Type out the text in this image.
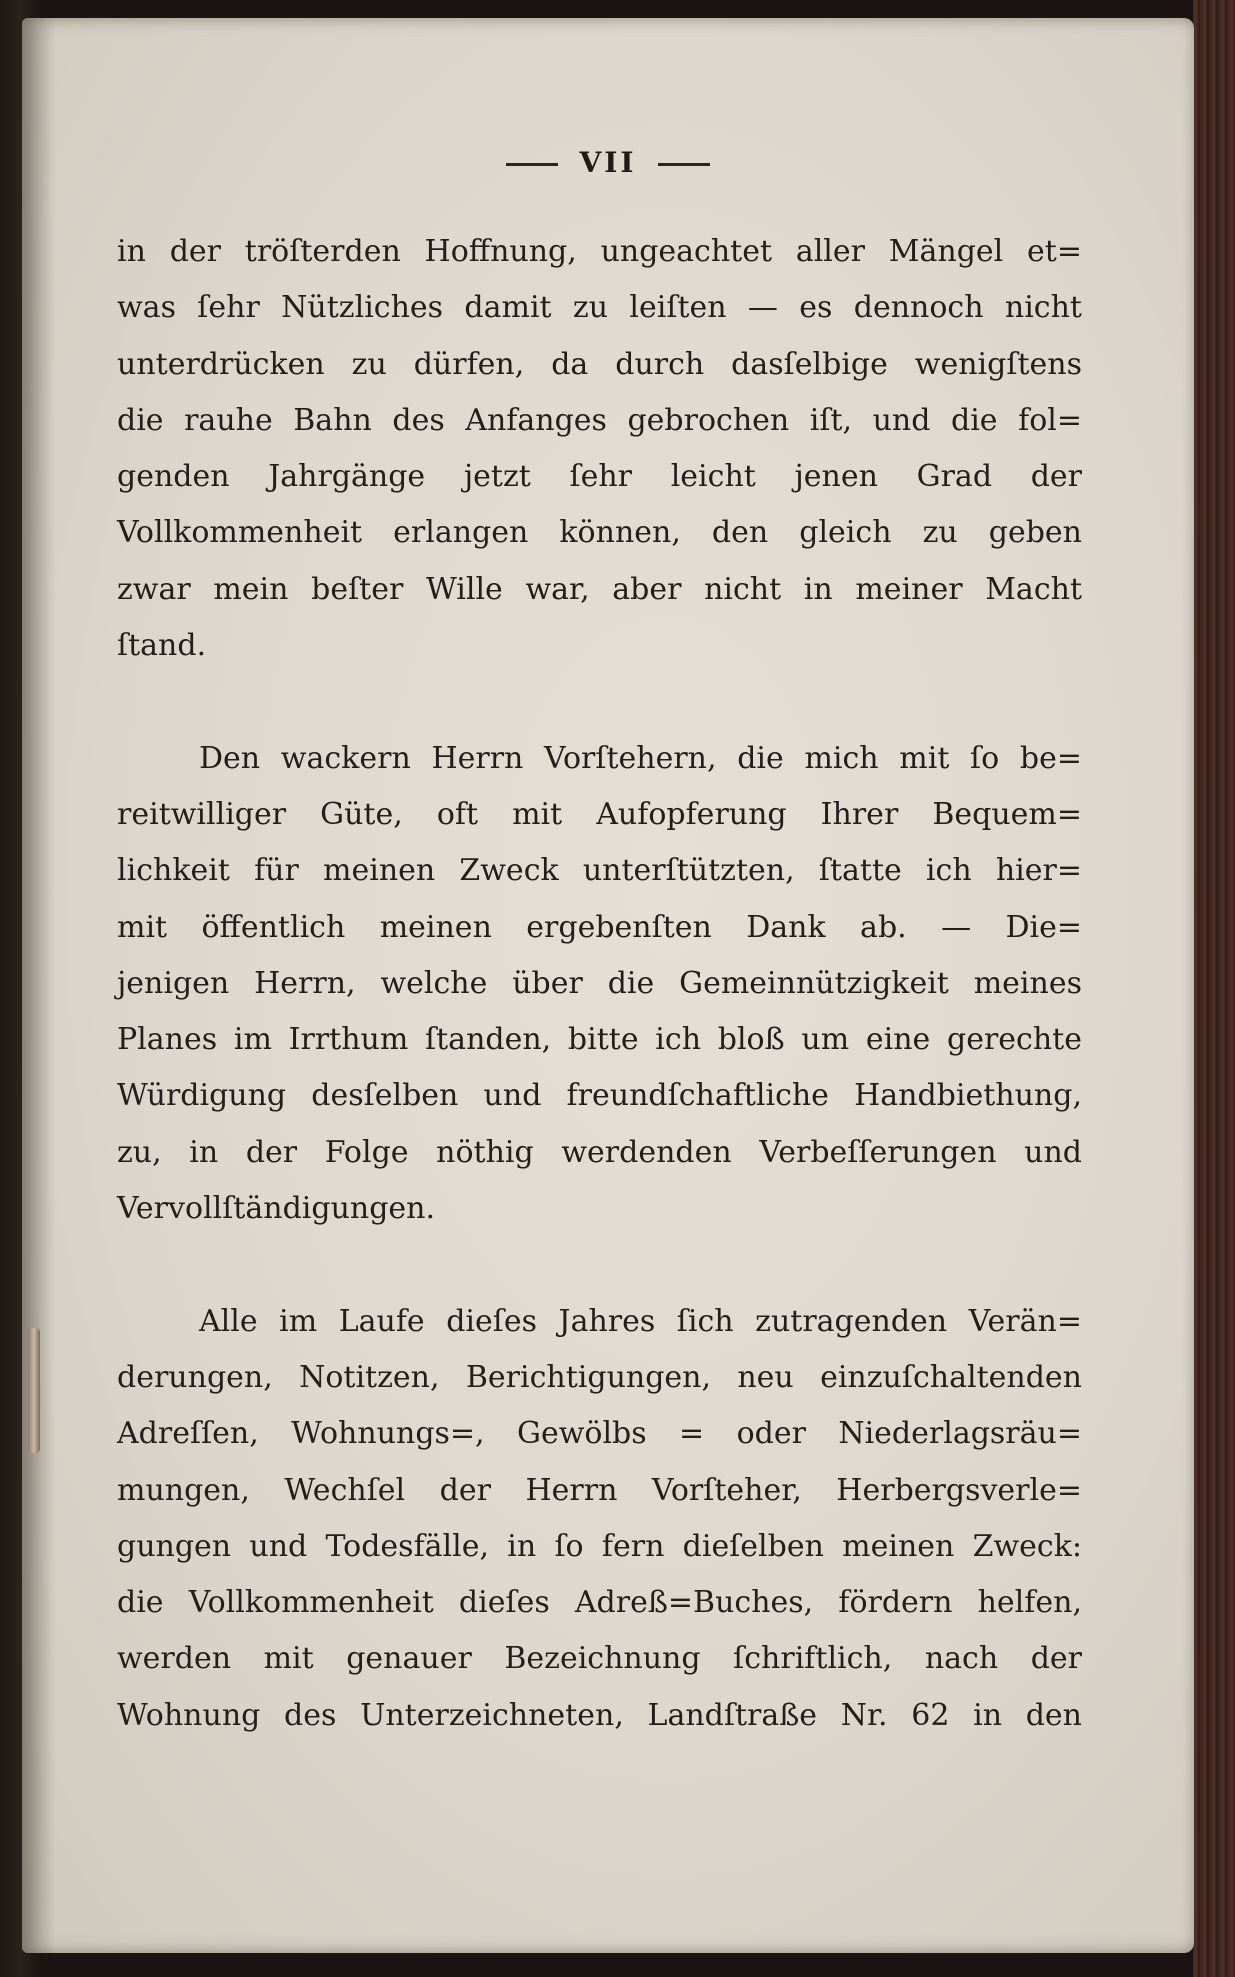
VII
in der tröſterden Hoffnung, ungeachtet aller Mängel et=
was ſehr Nützliches damit zu leiſten — es dennoch nicht
unterdrücken zu dürfen, da durch dasſelbige wenigſtens
die rauhe Bahn des Anfanges gebrochen iſt, und die fol=
genden Jahrgänge jetzt ſehr leicht jenen Grad der
Vollkommenheit erlangen können, den gleich zu geben
zwar mein beſter Wille war, aber nicht in meiner Macht
ſtand.
Den wackern Herrn Vorſtehern, die mich mit ſo be=
reitwilliger Güte, oft mit Aufopferung Ihrer Bequem=
lichkeit für meinen Zweck unterſtützten, ſtatte ich hier=
mit öffentlich meinen ergebenſten Dank ab. — Die=
jenigen Herrn, welche über die Gemeinnützigkeit meines
Planes im Irrthum ſtanden, bitte ich bloß um eine gerechte
Würdigung desſelben und freundſchaftliche Handbiethung,
zu, in der Folge nöthig werdenden Verbeſſerungen und
Vervollſtändigungen.
Alle im Laufe dieſes Jahres ſich zutragenden Verän=
derungen, Notitzen, Berichtigungen, neu einzuſchaltenden
Adreſſen, Wohnungs=, Gewölbs = oder Niederlagsräu=
mungen, Wechſel der Herrn Vorſteher, Herbergsverle=
gungen und Todesfälle, in ſo fern dieſelben meinen Zweck:
die Vollkommenheit dieſes Adreß=Buches, fördern helfen,
werden mit genauer Bezeichnung ſchriftlich, nach der
Wohnung des Unterzeichneten, Landſtraße Nr. 62 in den
